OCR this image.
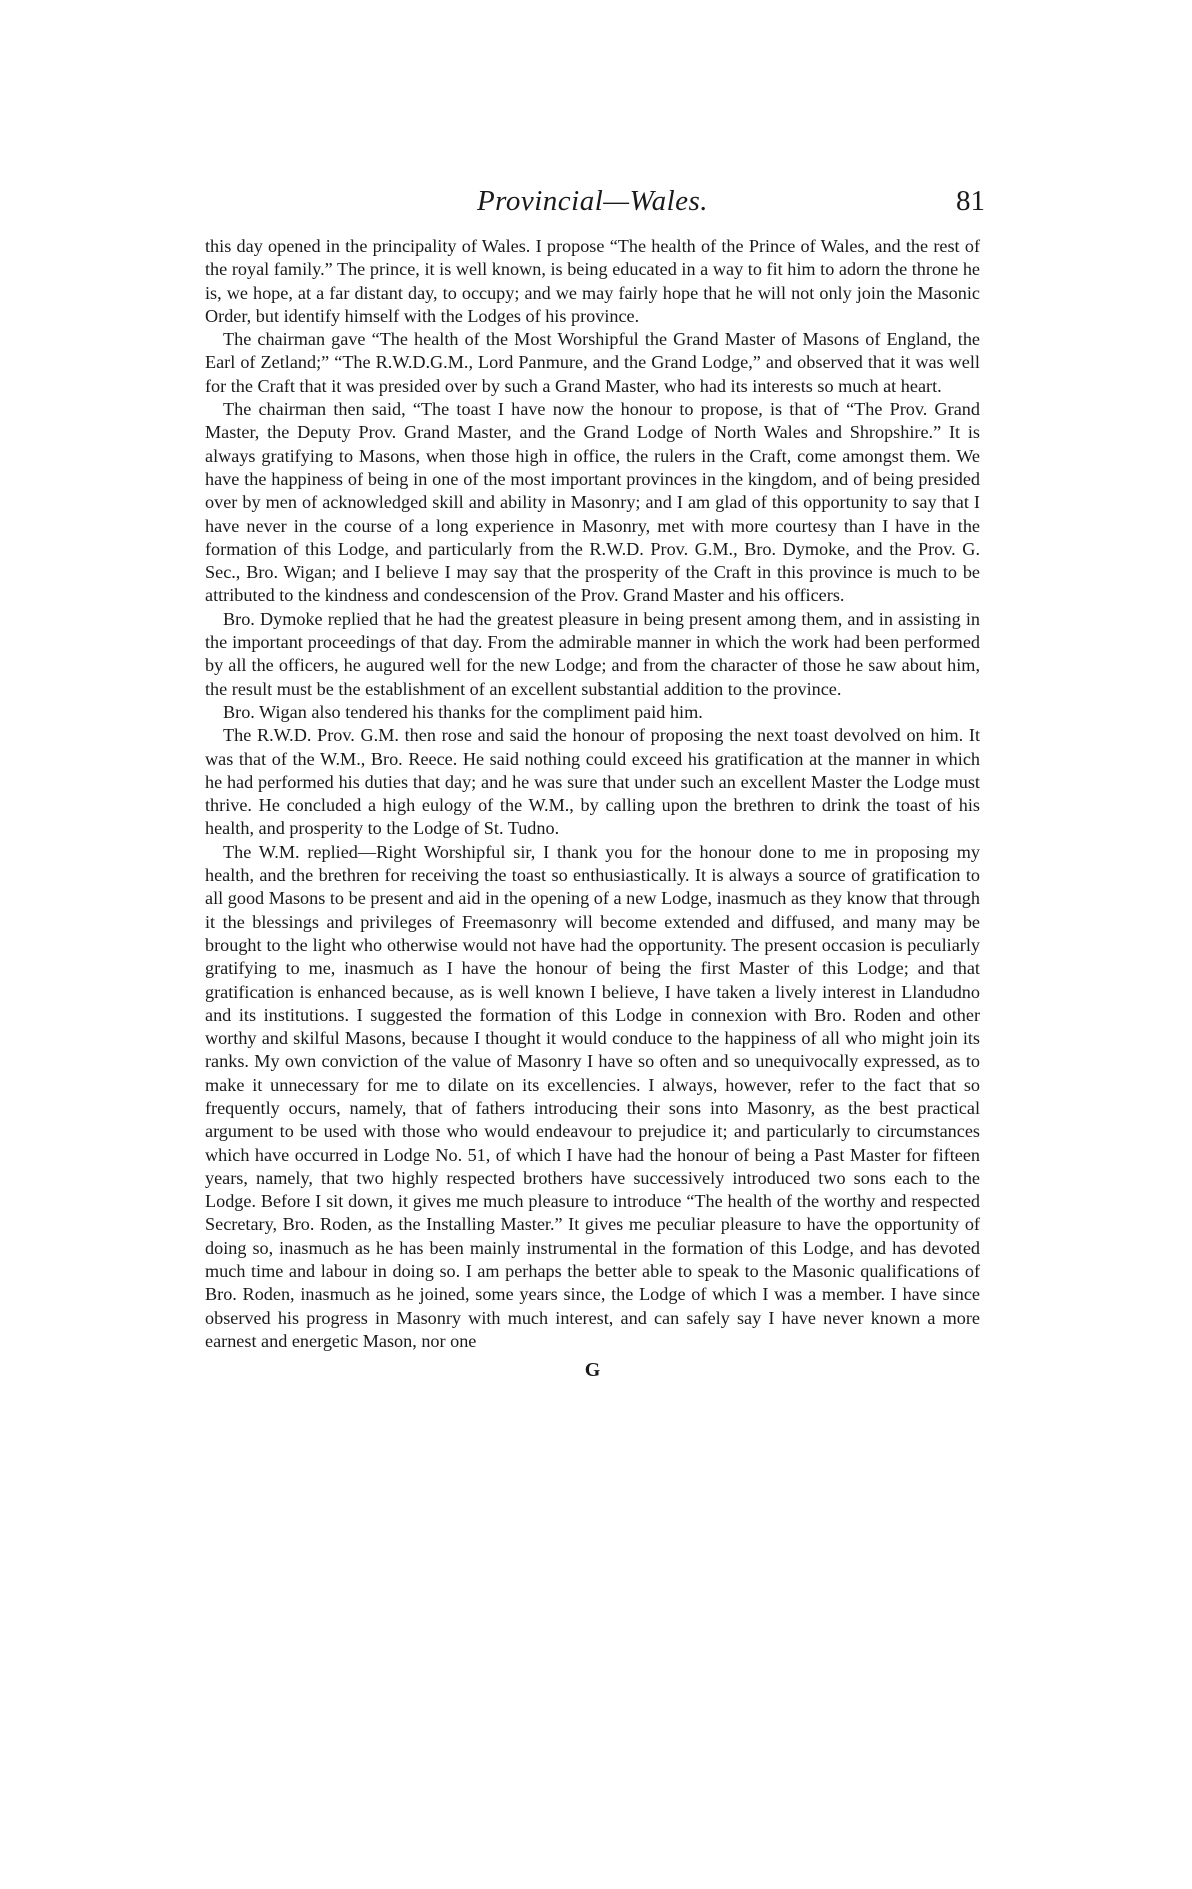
Provincial—Wales.	81

this day opened in the principality of Wales. I propose “The health of the Prince of Wales, and the rest of the royal family.” The prince, it is well known, is being educated in a way to fit him to adorn the throne he is, we hope, at a far distant day, to occupy; and we may fairly hope that he will not only join the Masonic Order, but identify himself with the Lodges of his province.

The chairman gave “The health of the Most Worshipful the Grand Master of Masons of England, the Earl of Zetland;” “The R.W.D.G.M., Lord Panmure, and the Grand Lodge,” and observed that it was well for the Craft that it was presided over by such a Grand Master, who had its interests so much at heart.

The chairman then said, “The toast I have now the honour to propose, is that of “The Prov. Grand Master, the Deputy Prov. Grand Master, and the Grand Lodge of North Wales and Shropshire.” It is always gratifying to Masons, when those high in office, the rulers in the Craft, come amongst them. We have the happiness of being in one of the most important provinces in the kingdom, and of being presided over by men of acknowledged skill and ability in Masonry; and I am glad of this opportunity to say that I have never in the course of a long experience in Masonry, met with more courtesy than I have in the formation of this Lodge, and particularly from the R.W.D. Prov. G.M., Bro. Dymoke, and the Prov. G. Sec., Bro. Wigan; and I believe I may say that the prosperity of the Craft in this province is much to be attributed to the kindness and condescension of the Prov. Grand Master and his officers.

Bro. Dymoke replied that he had the greatest pleasure in being present among them, and in assisting in the important proceedings of that day. From the admirable manner in which the work had been performed by all the officers, he augured well for the new Lodge; and from the character of those he saw about him, the result must be the establishment of an excellent substantial addition to the province.

Bro. Wigan also tendered his thanks for the compliment paid him.

The R.W.D. Prov. G.M. then rose and said the honour of proposing the next toast devolved on him. It was that of the W.M., Bro. Reece. He said nothing could exceed his gratification at the manner in which he had performed his duties that day; and he was sure that under such an excellent Master the Lodge must thrive. He concluded a high eulogy of the W.M., by calling upon the brethren to drink the toast of his health, and prosperity to the Lodge of St. Tudno.

The W.M. replied—Right Worshipful sir, I thank you for the honour done to me in proposing my health, and the brethren for receiving the toast so enthusiastically. It is always a source of gratification to all good Masons to be present and aid in the opening of a new Lodge, inasmuch as they know that through it the blessings and privileges of Freemasonry will become extended and diffused, and many may be brought to the light who otherwise would not have had the opportunity. The present occasion is peculiarly gratifying to me, inasmuch as I have the honour of being the first Master of this Lodge; and that gratification is enhanced because, as is well known I believe, I have taken a lively interest in Llandudno and its institutions. I suggested the formation of this Lodge in connexion with Bro. Roden and other worthy and skilful Masons, because I thought it would conduce to the happiness of all who might join its ranks. My own conviction of the value of Masonry I have so often and so unequivocally expressed, as to make it unnecessary for me to dilate on its excellencies. I always, however, refer to the fact that so frequently occurs, namely, that of fathers introducing their sons into Masonry, as the best practical argument to be used with those who would endeavour to prejudice it; and particularly to circumstances which have occurred in Lodge No. 51, of which I have had the honour of being a Past Master for fifteen years, namely, that two highly respected brothers have successively introduced two sons each to the Lodge. Before I sit down, it gives me much pleasure to introduce “The health of the worthy and respected Secretary, Bro. Roden, as the Installing Master.” It gives me peculiar pleasure to have the opportunity of doing so, inasmuch as he has been mainly instrumental in the formation of this Lodge, and has devoted much time and labour in doing so. I am perhaps the better able to speak to the Masonic qualifications of Bro. Roden, inasmuch as he joined, some years since, the Lodge of which I was a member. I have since observed his progress in Masonry with much interest, and can safely say I have never known a more earnest and energetic Mason, nor one

G
